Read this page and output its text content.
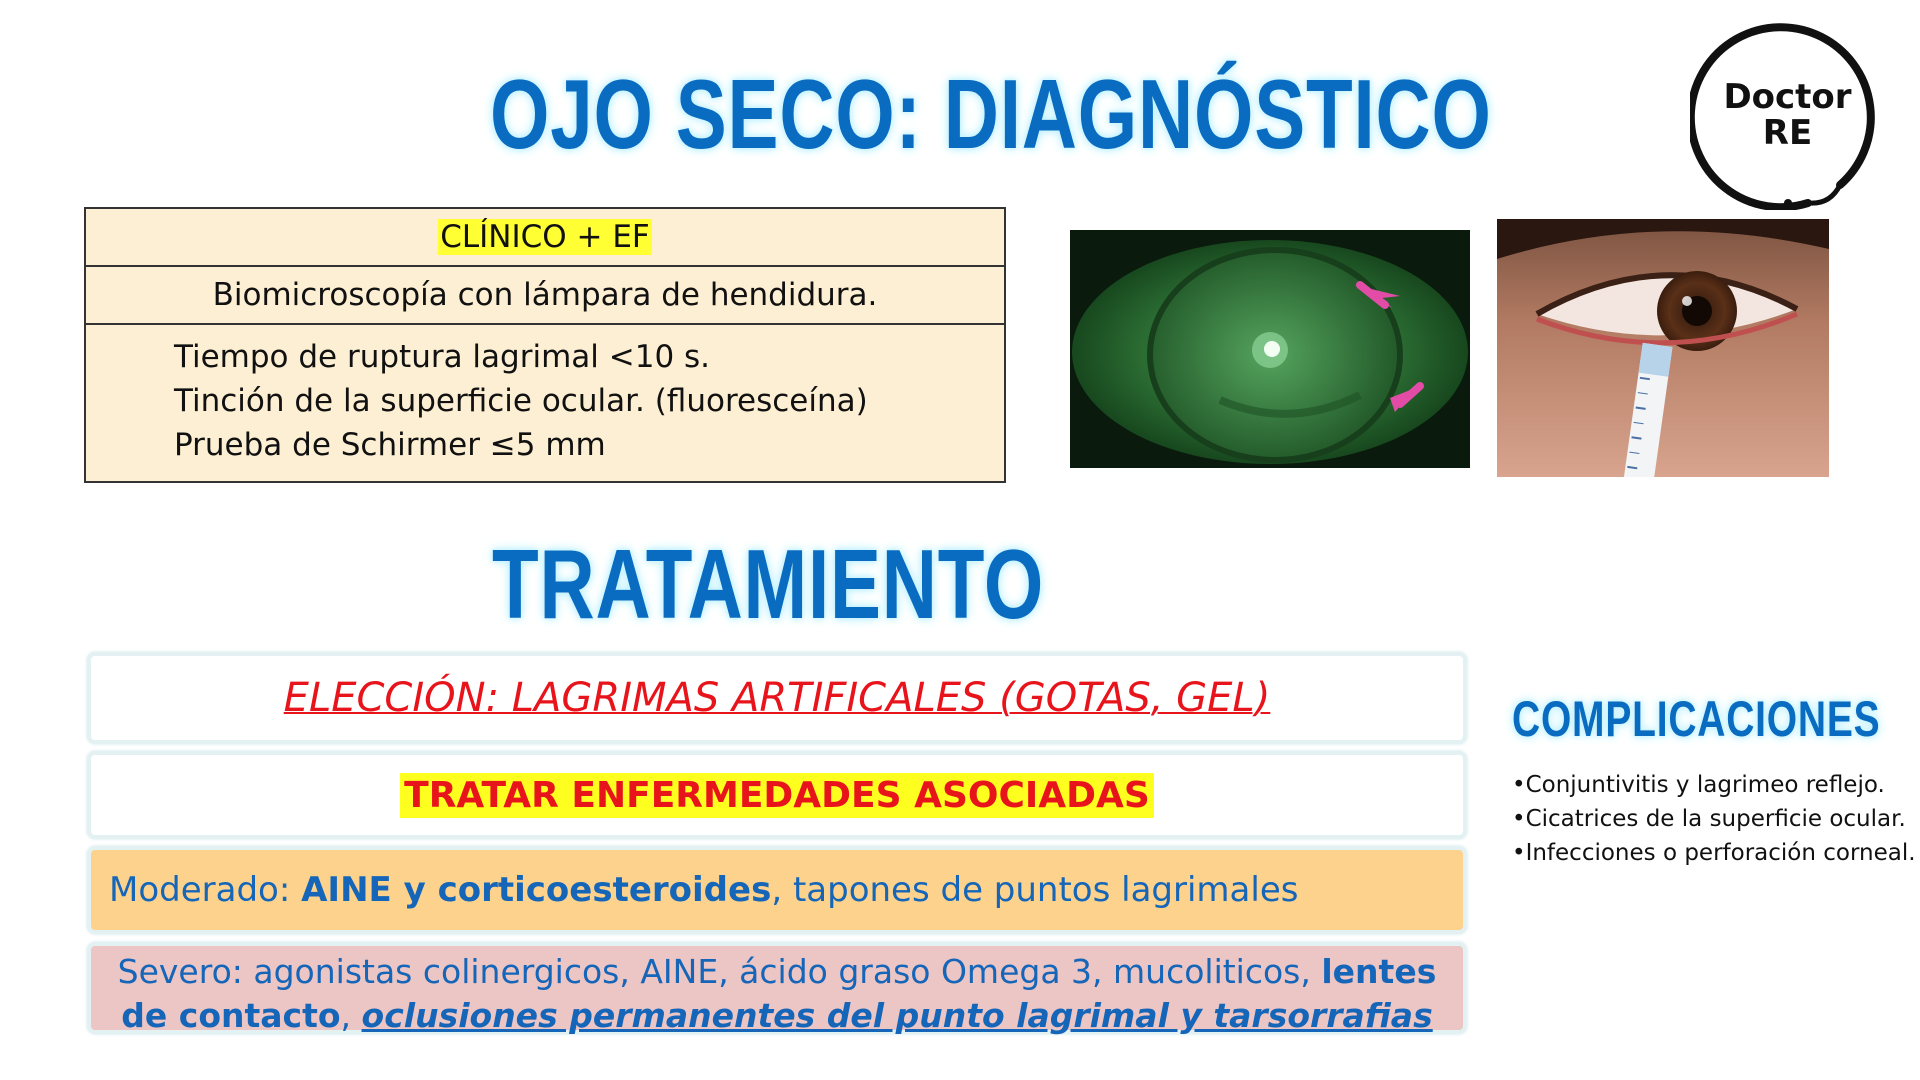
OJO SECO: DIAGNÓSTICO
TRATAMIENTO
COMPLICACIONES
Doctor
RE
CLÍNICO + EF
Biomicroscopía con lámpara de hendidura.
Tiempo de ruptura lagrimal <10 s.
Tinción de la superficie ocular. (fluoresceína)
Prueba de Schirmer ≤5 mm
ELECCIÓN: LAGRIMAS ARTIFICALES (GOTAS, GEL)
TRATAR ENFERMEDADES ASOCIADAS
Moderado: AINE y corticoesteroides, tapones de puntos lagrimales
Severo: agonistas colinergicos, AINE, ácido graso Omega 3, mucoliticos, lentes de contacto, oclusiones permanentes del punto lagrimal y tarsorrafias
•Conjuntivitis y lagrimeo reflejo.
•Cicatrices de la superficie ocular.
•Infecciones o perforación corneal.
